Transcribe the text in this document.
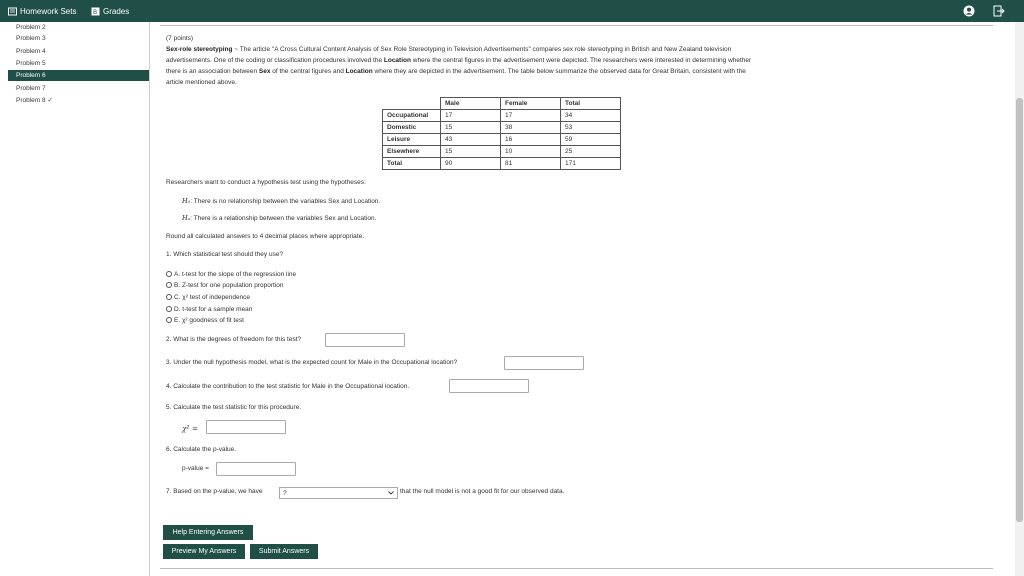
Homework Sets	B Grades
Problem 2
Problem 3
Problem 4
Problem 5
Problem 6
Problem 7
Problem 8 ✓
(7 points)
Sex-role stereotyping ~ The article "A Cross Cultural Content Analysis of Sex Role Stereotyping in Television Advertisements" compares sex role stereotyping in British and New Zealand television
advertisements. One of the coding or classification procedures involved the Location where the central figures in the advertisement were depicted. The researchers were interested in determining whether
there is an association between Sex of the central figures and Location where they are depicted in the advertisement. The table below summarize the observed data for Great Britain, consistent with the
article mentioned above.
	Male	Female	Total
Occupational	17	17	34
Domestic	15	38	53
Leisure	43	16	59
Elsewhere	15	10	25
Total	90	81	171
Researchers want to conduct a hypothesis test using the hypotheses:
H₀: There is no relationship between the variables Sex and Location.
Hₐ: There is a relationship between the variables Sex and Location.
Round all calculated answers to 4 decimal places where appropriate.
1. Which statistical test should they use?
A. t-test for the slope of the regression line
B. Z-test for one population proportion
C. χ² test of independence
D. t-test for a sample mean
E. χ² goodness of fit test
2. What is the degrees of freedom for this test?
3. Under the null hypothesis model, what is the expected count for Male in the Occupational location?
4. Calculate the contribution to the test statistic for Male in the Occupational location.
5. Calculate the test statistic for this procedure.
χ² =
6. Calculate the p-value.
p-value =
7. Based on the p-value, we have	?	that the null model is not a good fit for our observed data.
Help Entering Answers
Preview My Answers	Submit Answers
